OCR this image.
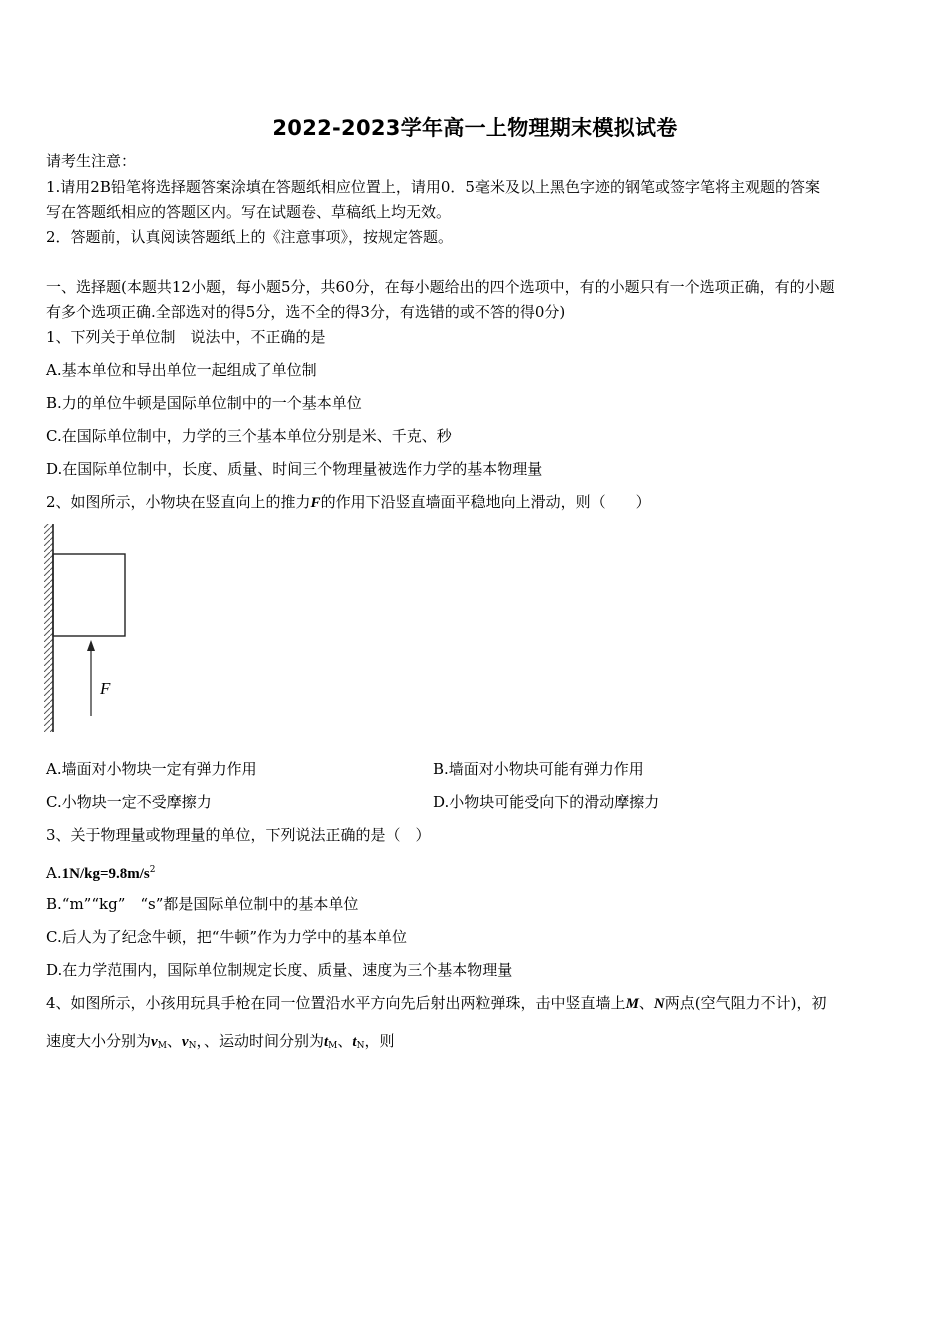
2022-2023学年高一上物理期末模拟试卷
请考生注意：
1.请用2B铅笔将选择题答案涂填在答题纸相应位置上，请用0．5毫米及以上黑色字迹的钢笔或签字笔将主观题的答案
写在答题纸相应的答题区内。写在试题卷、草稿纸上均无效。
2．答题前，认真阅读答题纸上的《注意事项》，按规定答题。
一、选择题(本题共12小题，每小题5分，共60分，在每小题给出的四个选项中，有的小题只有一个选项正确，有的小题
有多个选项正确.全部选对的得5分，选不全的得3分，有选错的或不答的得0分)
1、下列关于单位制　说法中，不正确的是
A.基本单位和导出单位一起组成了单位制
B.力的单位牛顿是国际单位制中的一个基本单位
C.在国际单位制中，力学的三个基本单位分别是米、千克、秒
D.在国际单位制中，长度、质量、时间三个物理量被选作力学的基本物理量
2、如图所示，小物块在竖直向上的推力F的作用下沿竖直墙面平稳地向上滑动，则（　　）
F
A.墙面对小物块一定有弹力作用	B.墙面对小物块可能有弹力作用
C.小物块一定不受摩擦力	D.小物块可能受向下的滑动摩擦力
3、关于物理量或物理量的单位，下列说法正确的是（　）
$A.1N/kg=9.8m/s^2$
B.“m”“kg”　“s”都是国际单位制中的基本单位
C.后人为了纪念牛顿，把“牛顿”作为力学中的基本单位
D.在力学范围内，国际单位制规定长度、质量、速度为三个基本物理量
4、如图所示，小孩用玩具手枪在同一位置沿水平方向先后射出两粒弹珠，击中竖直墙上M、N两点(空气阻力不计)，初
速度大小分别为$v_M$、$v_N$，、运动时间分别为$t_M$、$t_N$，则
